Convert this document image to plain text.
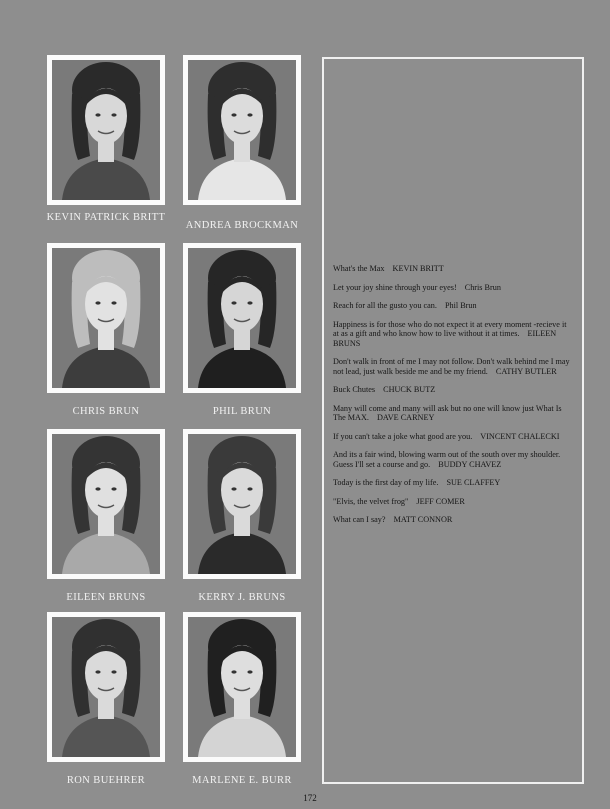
KEVIN PATRICK BRITT
ANDREA BROCKMAN
CHRIS BRUN	PHIL BRUN
EILEEN BRUNS	KERRY J. BRUNS
RON BUEHRER	MARLENE E. BURR
What's the Max KEVIN BRITT
Let your joy shine through your eyes! Chris Brun
Reach for all the gusto you can. Phil Brun
Happiness is for those who do not expect it at every moment -recieve it at as a gift and who know how to live without it at times. EILEEN BRUNS
Don't walk in front of me I may not follow. Don't walk behind me I may not lead, just walk beside me and be my friend. CATHY BUTLER
Buck Chutes CHUCK BUTZ
Many will come and many will ask but no one will know just What Is The MAX. DAVE CARNEY
If you can't take a joke what good are you. VINCENT CHALECKI
And its a fair wind, blowing warm out of the south over my shoulder. Guess I'll set a course and go. BUDDY CHAVEZ
Today is the first day of my life. SUE CLAFFEY
"Elvis, the velvet frog" JEFF COMER
What can I say? MATT CONNOR
172
